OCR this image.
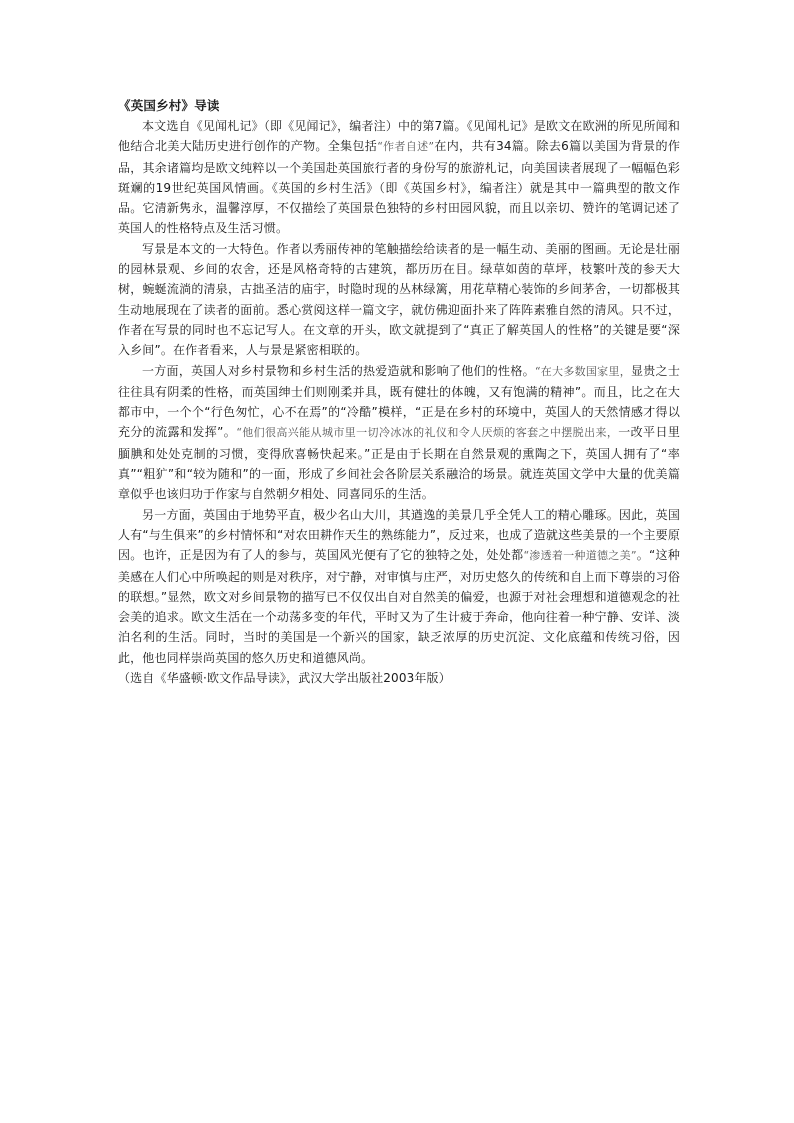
《英国乡村》导读

本文选自《见闻札记》（即《见闻记》，编者注）中的第7篇。《见闻札记》是欧文在欧洲的所见所闻和他结合北美大陆历史进行创作的产物。全集包括“作者自述”在内，共有34篇。除去6篇以美国为背景的作品，其余诸篇均是欧文纯粹以一个美国赴英国旅行者的身份写的旅游札记，向美国读者展现了一幅幅色彩斑斓的19世纪英国风情画。《英国的乡村生活》（即《英国乡村》，编者注）就是其中一篇典型的散文作品。它清新隽永，温馨淳厚，不仅描绘了英国景色独特的乡村田园风貌，而且以亲切、赞许的笔调记述了英国人的性格特点及生活习惯。

写景是本文的一大特色。作者以秀丽传神的笔触描绘给读者的是一幅生动、美丽的图画。无论是壮丽的园林景观、乡间的农舍，还是风格奇特的古建筑，都历历在目。绿草如茵的草坪，枝繁叶茂的参天大树，蜿蜒流淌的清泉，古拙圣洁的庙宇，时隐时现的丛林绿篱，用花草精心装饰的乡间茅舍，一切都极其生动地展现在了读者的面前。悉心赏阅这样一篇文字，就仿佛迎面扑来了阵阵素雅自然的清风。只不过，作者在写景的同时也不忘记写人。在文章的开头，欧文就提到了“真正了解英国人的性格”的关键是要“深入乡间”。在作者看来，人与景是紧密相联的。

一方面，英国人对乡村景物和乡村生活的热爱造就和影响了他们的性格。“在大多数国家里，显贵之士往往具有阴柔的性格，而英国绅士们则刚柔并具，既有健壮的体魄，又有饱满的精神”。而且，比之在大都市中，一个个“行色匆忙，心不在焉”的“冷酷”模样，“正是在乡村的环境中，英国人的天然情感才得以充分的流露和发挥”。“他们很高兴能从城市里一切冷冰冰的礼仪和令人厌烦的客套之中摆脱出来，一改平日里腼腆和处处克制的习惯，变得欣喜畅快起来。”正是由于长期在自然景观的熏陶之下，英国人拥有了“率真”“粗犷”和“较为随和”的一面，形成了乡间社会各阶层关系融洽的场景。就连英国文学中大量的优美篇章似乎也该归功于作家与自然朝夕相处、同喜同乐的生活。

另一方面，英国由于地势平直，极少名山大川，其遒逸的美景几乎全凭人工的精心雕琢。因此，英国人有“与生俱来”的乡村情怀和“对农田耕作天生的熟练能力”，反过来，也成了造就这些美景的一个主要原因。也许，正是因为有了人的参与，英国风光便有了它的独特之处，处处都“渗透着一种道德之美”。“这种美感在人们心中所唤起的则是对秩序，对宁静，对审慎与庄严，对历史悠久的传统和自上而下尊崇的习俗的联想。”显然，欧文对乡间景物的描写已不仅仅出自对自然美的偏爱，也源于对社会理想和道德观念的社会美的追求。欧文生活在一个动荡多变的年代，平时又为了生计疲于奔命，他向往着一种宁静、安详、淡泊名利的生活。同时，当时的美国是一个新兴的国家，缺乏浓厚的历史沉淀、文化底蕴和传统习俗，因此，他也同样崇尚英国的悠久历史和道德风尚。

（选自《华盛顿·欧文作品导读》，武汉大学出版社2003年版）
